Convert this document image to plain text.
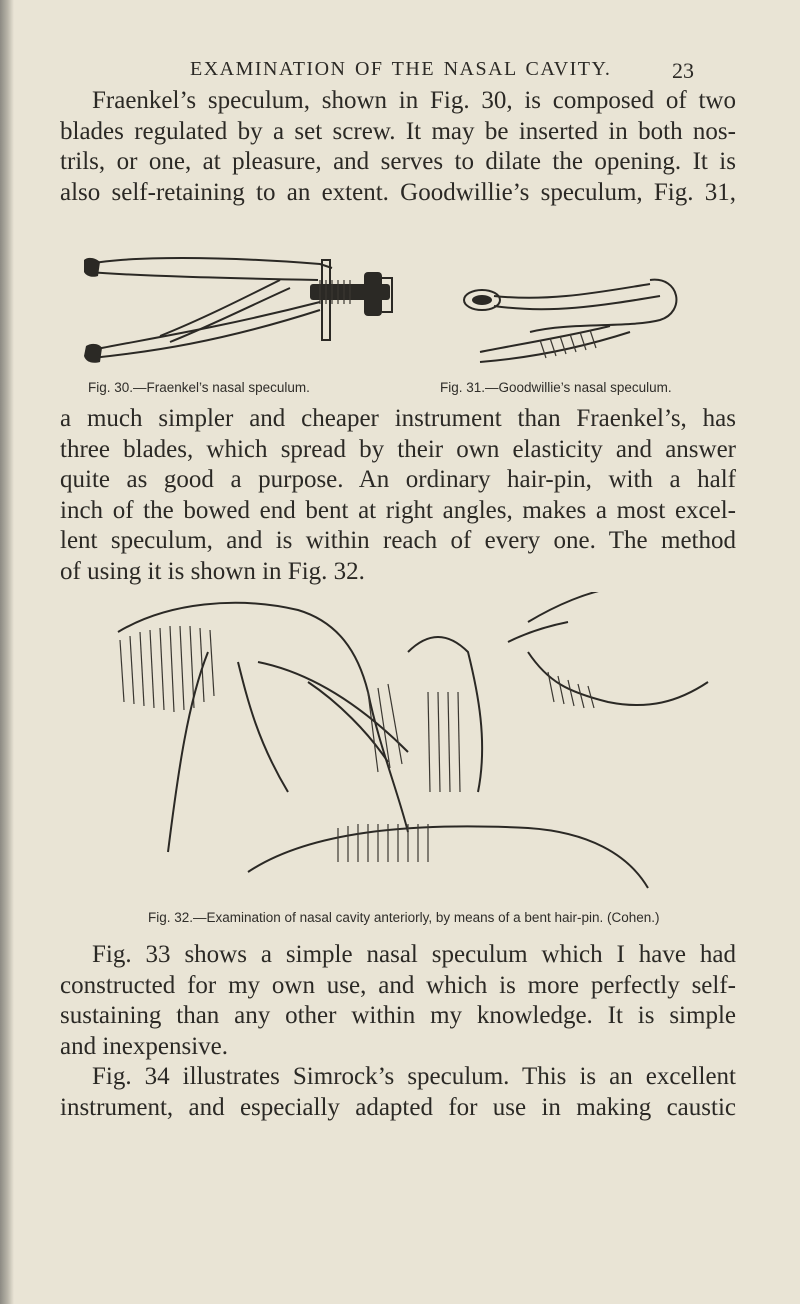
EXAMINATION OF THE NASAL CAVITY.	23

Fraenkel’s speculum, shown in Fig. 30, is composed of two
blades regulated by a set screw. It may be inserted in both nos-
trils, or one, at pleasure, and serves to dilate the opening. It is
also self-retaining to an extent. Goodwillie’s speculum, Fig. 31,

Fig. 30.—Fraenkel’s nasal speculum.	Fig. 31.—Goodwillie’s nasal speculum.

a much simpler and cheaper instrument than Fraenkel’s, has
three blades, which spread by their own elasticity and answer
quite as good a purpose. An ordinary hair-pin, with a half
inch of the bowed end bent at right angles, makes a most excel-
lent speculum, and is within reach of every one. The method
of using it is shown in Fig. 32.

Fig. 32.—Examination of nasal cavity anteriorly, by means of a bent hair-pin. (Cohen.)

Fig. 33 shows a simple nasal speculum which I have had
constructed for my own use, and which is more perfectly self-
sustaining than any other within my knowledge. It is simple
and inexpensive.

Fig. 34 illustrates Simrock’s speculum. This is an excellent
instrument, and especially adapted for use in making caustic
